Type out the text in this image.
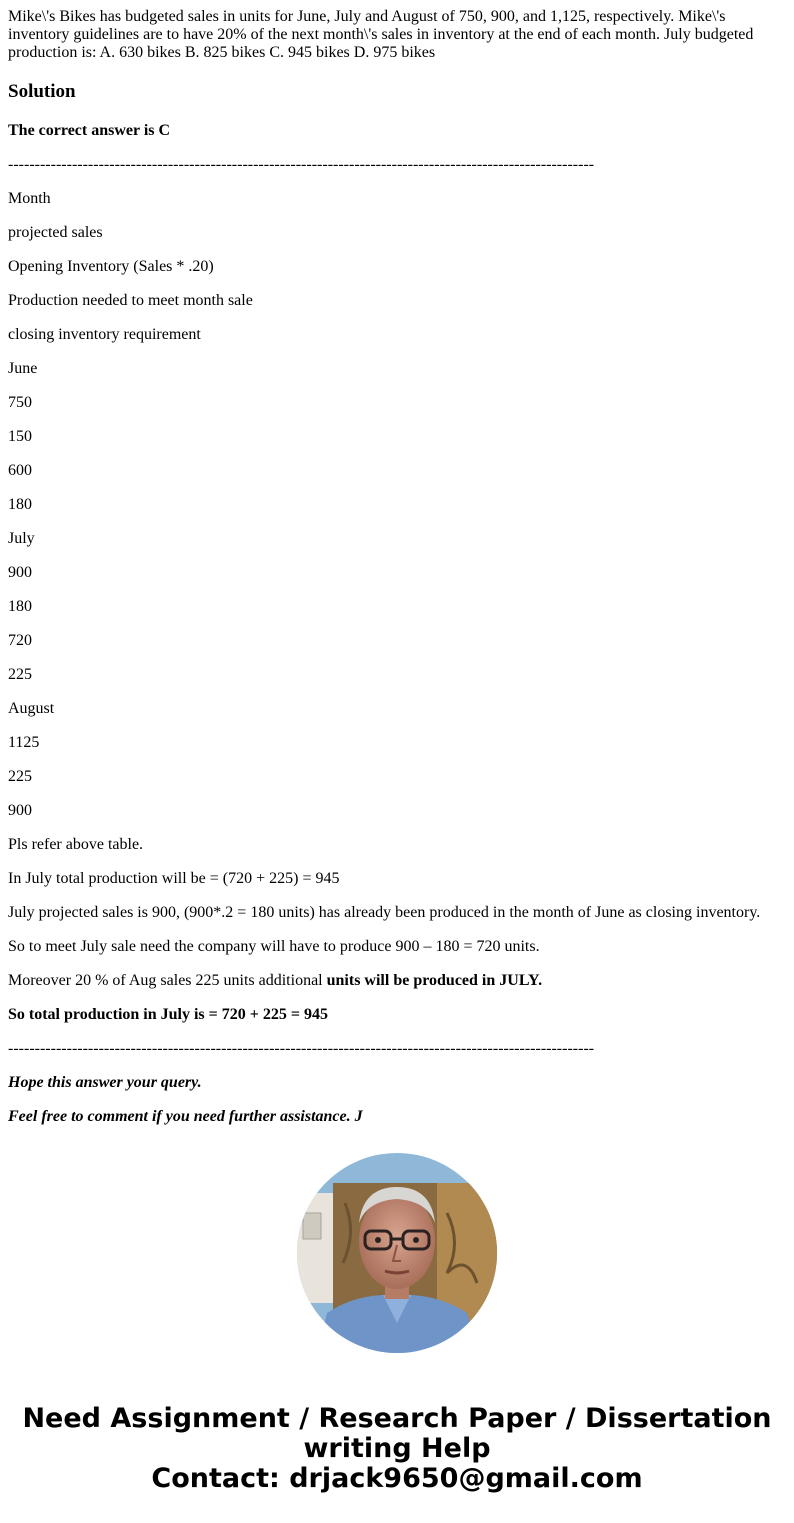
Mike\'s Bikes has budgeted sales in units for June, July and August of 750, 900, and 1,125, respectively. Mike\'s inventory guidelines are to have 20% of the next month\'s sales in inventory at the end of each month. July budgeted production is: A. 630 bikes B. 825 bikes C. 945 bikes D. 975 bikes

Solution

The correct answer is C

--------------------------------------------------------------------------------------------------------------

Month

projected sales

Opening Inventory (Sales * .20)

Production needed to meet month sale

closing inventory requirement

June

750

150

600

180

July

900

180

720

225

August

1125

225

900

Pls refer above table.

In July total production will be = (720 + 225) = 945

July projected sales is 900, (900*.2 = 180 units) has already been produced in the month of June as closing inventory.

So to meet July sale need the company will have to produce 900 – 180 = 720 units.

Moreover 20 % of Aug sales 225 units additional units will be produced in JULY.

So total production in July is = 720 + 225 = 945

--------------------------------------------------------------------------------------------------------------

Hope this answer your query.

Feel free to comment if you need further assistance. J

Need Assignment / Research Paper / Dissertation
writing Help
Contact: drjack9650@gmail.com
